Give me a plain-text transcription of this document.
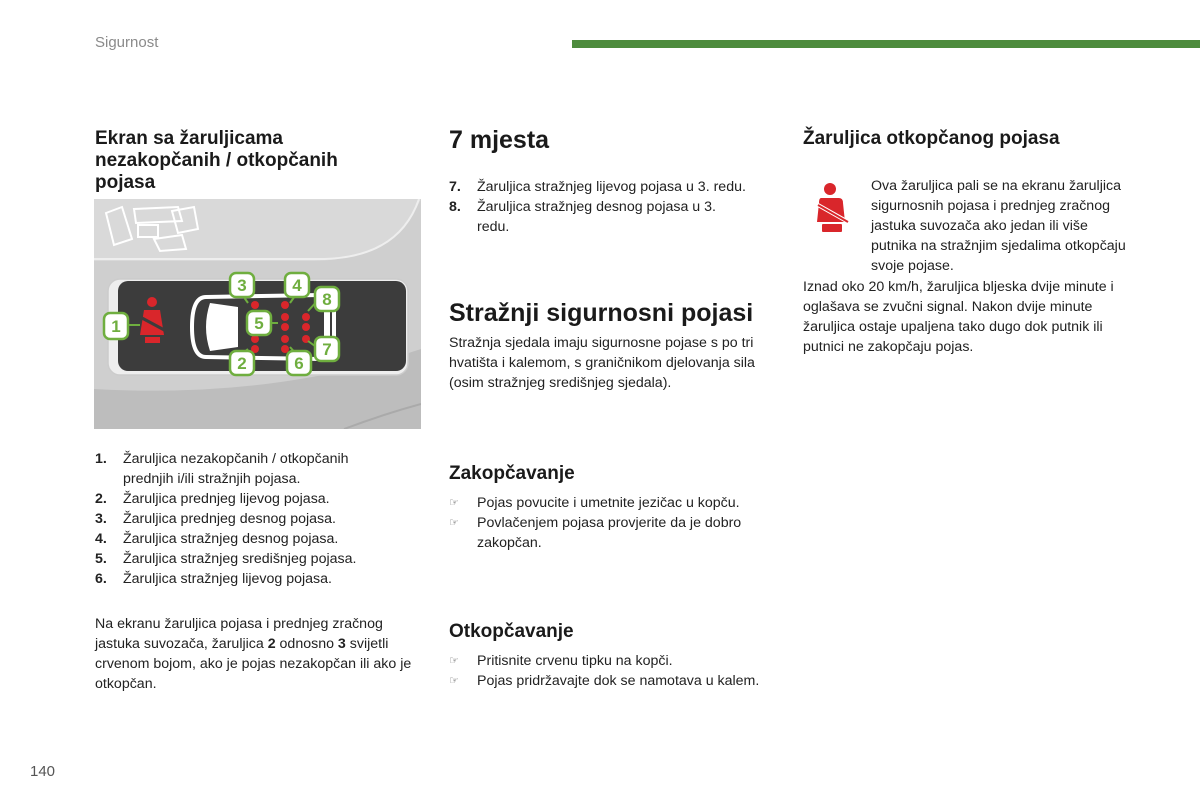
Sigurnost
Ekran sa žaruljicama nezakopčanih / otkopčanih pojasa
1
3	4
8
5
7
2	6
1. Žaruljica nezakopčanih / otkopčanih prednjih i/ili stražnjih pojasa.
2. Žaruljica prednjeg lijevog pojasa.
3. Žaruljica prednjeg desnog pojasa.
4. Žaruljica stražnjeg desnog pojasa.
5. Žaruljica stražnjeg središnjeg pojasa.
6. Žaruljica stražnjeg lijevog pojasa.

Na ekranu žaruljica pojasa i prednjeg zračnog jastuka suvozača, žaruljica 2 odnosno 3 svijetli crvenom bojom, ako je pojas nezakopčan ili ako je otkopčan.

7 mjesta
7. Žaruljica stražnjeg lijevog pojasa u 3. redu.
8. Žaruljica stražnjeg desnog pojasa u 3. redu.
Stražnji sigurnosni pojasi

Stražnja sjedala imaju sigurnosne pojase s po tri hvatišta i kalemom, s graničnikom djelovanja sila (osim stražnjeg središnjeg sjedala).

Zakopčavanje
☞ Pojas povucite i umetnite jezičac u kopču.
☞ Povlačenjem pojasa provjerite da je dobro zakopčan.
Otkopčavanje
☞ Pritisnite crvenu tipku na kopči.
☞ Pojas pridržavajte dok se namotava u kalem.
Žaruljica otkopčanog pojasa

Ova žaruljica pali se na ekranu žaruljica sigurnosnih pojasa i prednjeg zračnog jastuka suvozača ako jedan ili više putnika na stražnjim sjedalima otkopčaju svoje pojase.

Iznad oko 20 km/h, žaruljica bljeska dvije minute i oglašava se zvučni signal. Nakon dvije minute žaruljica ostaje upaljena tako dugo dok putnik ili putnici ne zakopčaju pojas.

140
